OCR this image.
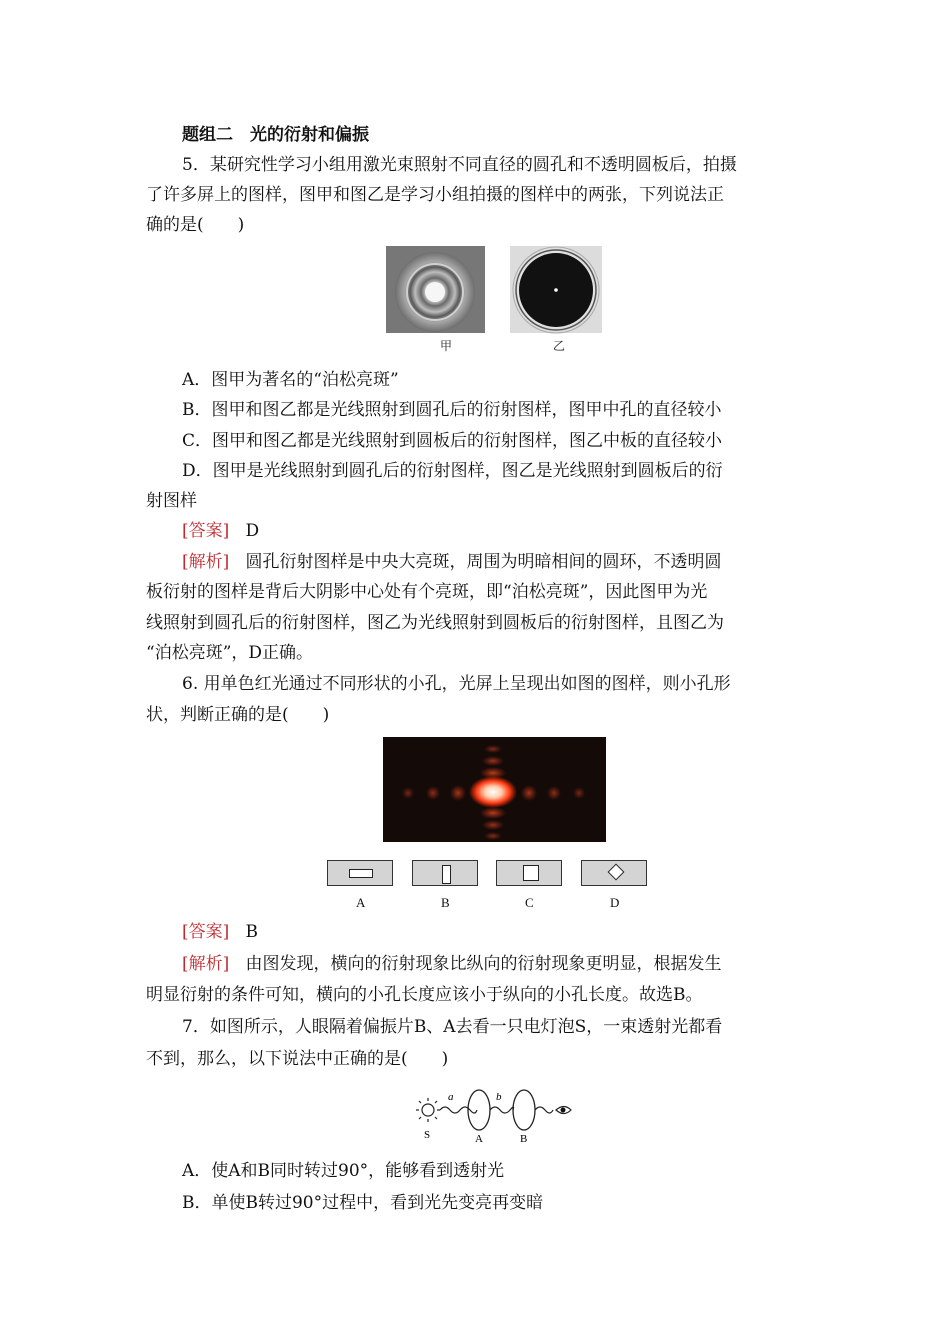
题组二　光的衍射和偏振
5．某研究性学习小组用激光束照射不同直径的圆孔和不透明圆板后，拍摄
了许多屏上的图样，图甲和图乙是学习小组拍摄的图样中的两张，下列说法正
确的是(　　)
甲	乙
A．图甲为著名的“泊松亮斑”
B．图甲和图乙都是光线照射到圆孔后的衍射图样，图甲中孔的直径较小
C．图甲和图乙都是光线照射到圆板后的衍射图样，图乙中板的直径较小
D．图甲是光线照射到圆孔后的衍射图样，图乙是光线照射到圆板后的衍
射图样
[答案] D
[解析] 圆孔衍射图样是中央大亮斑，周围为明暗相间的圆环，不透明圆
板衍射的图样是背后大阴影中心处有个亮斑，即“泊松亮斑”，因此图甲为光
线照射到圆孔后的衍射图样，图乙为光线照射到圆板后的衍射图样，且图乙为
“泊松亮斑”，D正确。
6. 用单色红光通过不同形状的小孔，光屏上呈现出如图的图样，则小孔形
状，判断正确的是(　　)
A	B	C	D
[答案] B
[解析] 由图发现，横向的衍射现象比纵向的衍射现象更明显，根据发生
明显衍射的条件可知，横向的小孔长度应该小于纵向的小孔长度。故选B。
7．如图所示，人眼隔着偏振片B、A去看一只电灯泡S，一束透射光都看
不到，那么，以下说法中正确的是(　　)
a	b
S	A	B
A．使A和B同时转过90°，能够看到透射光
B．单使B转过90°过程中，看到光先变亮再变暗
